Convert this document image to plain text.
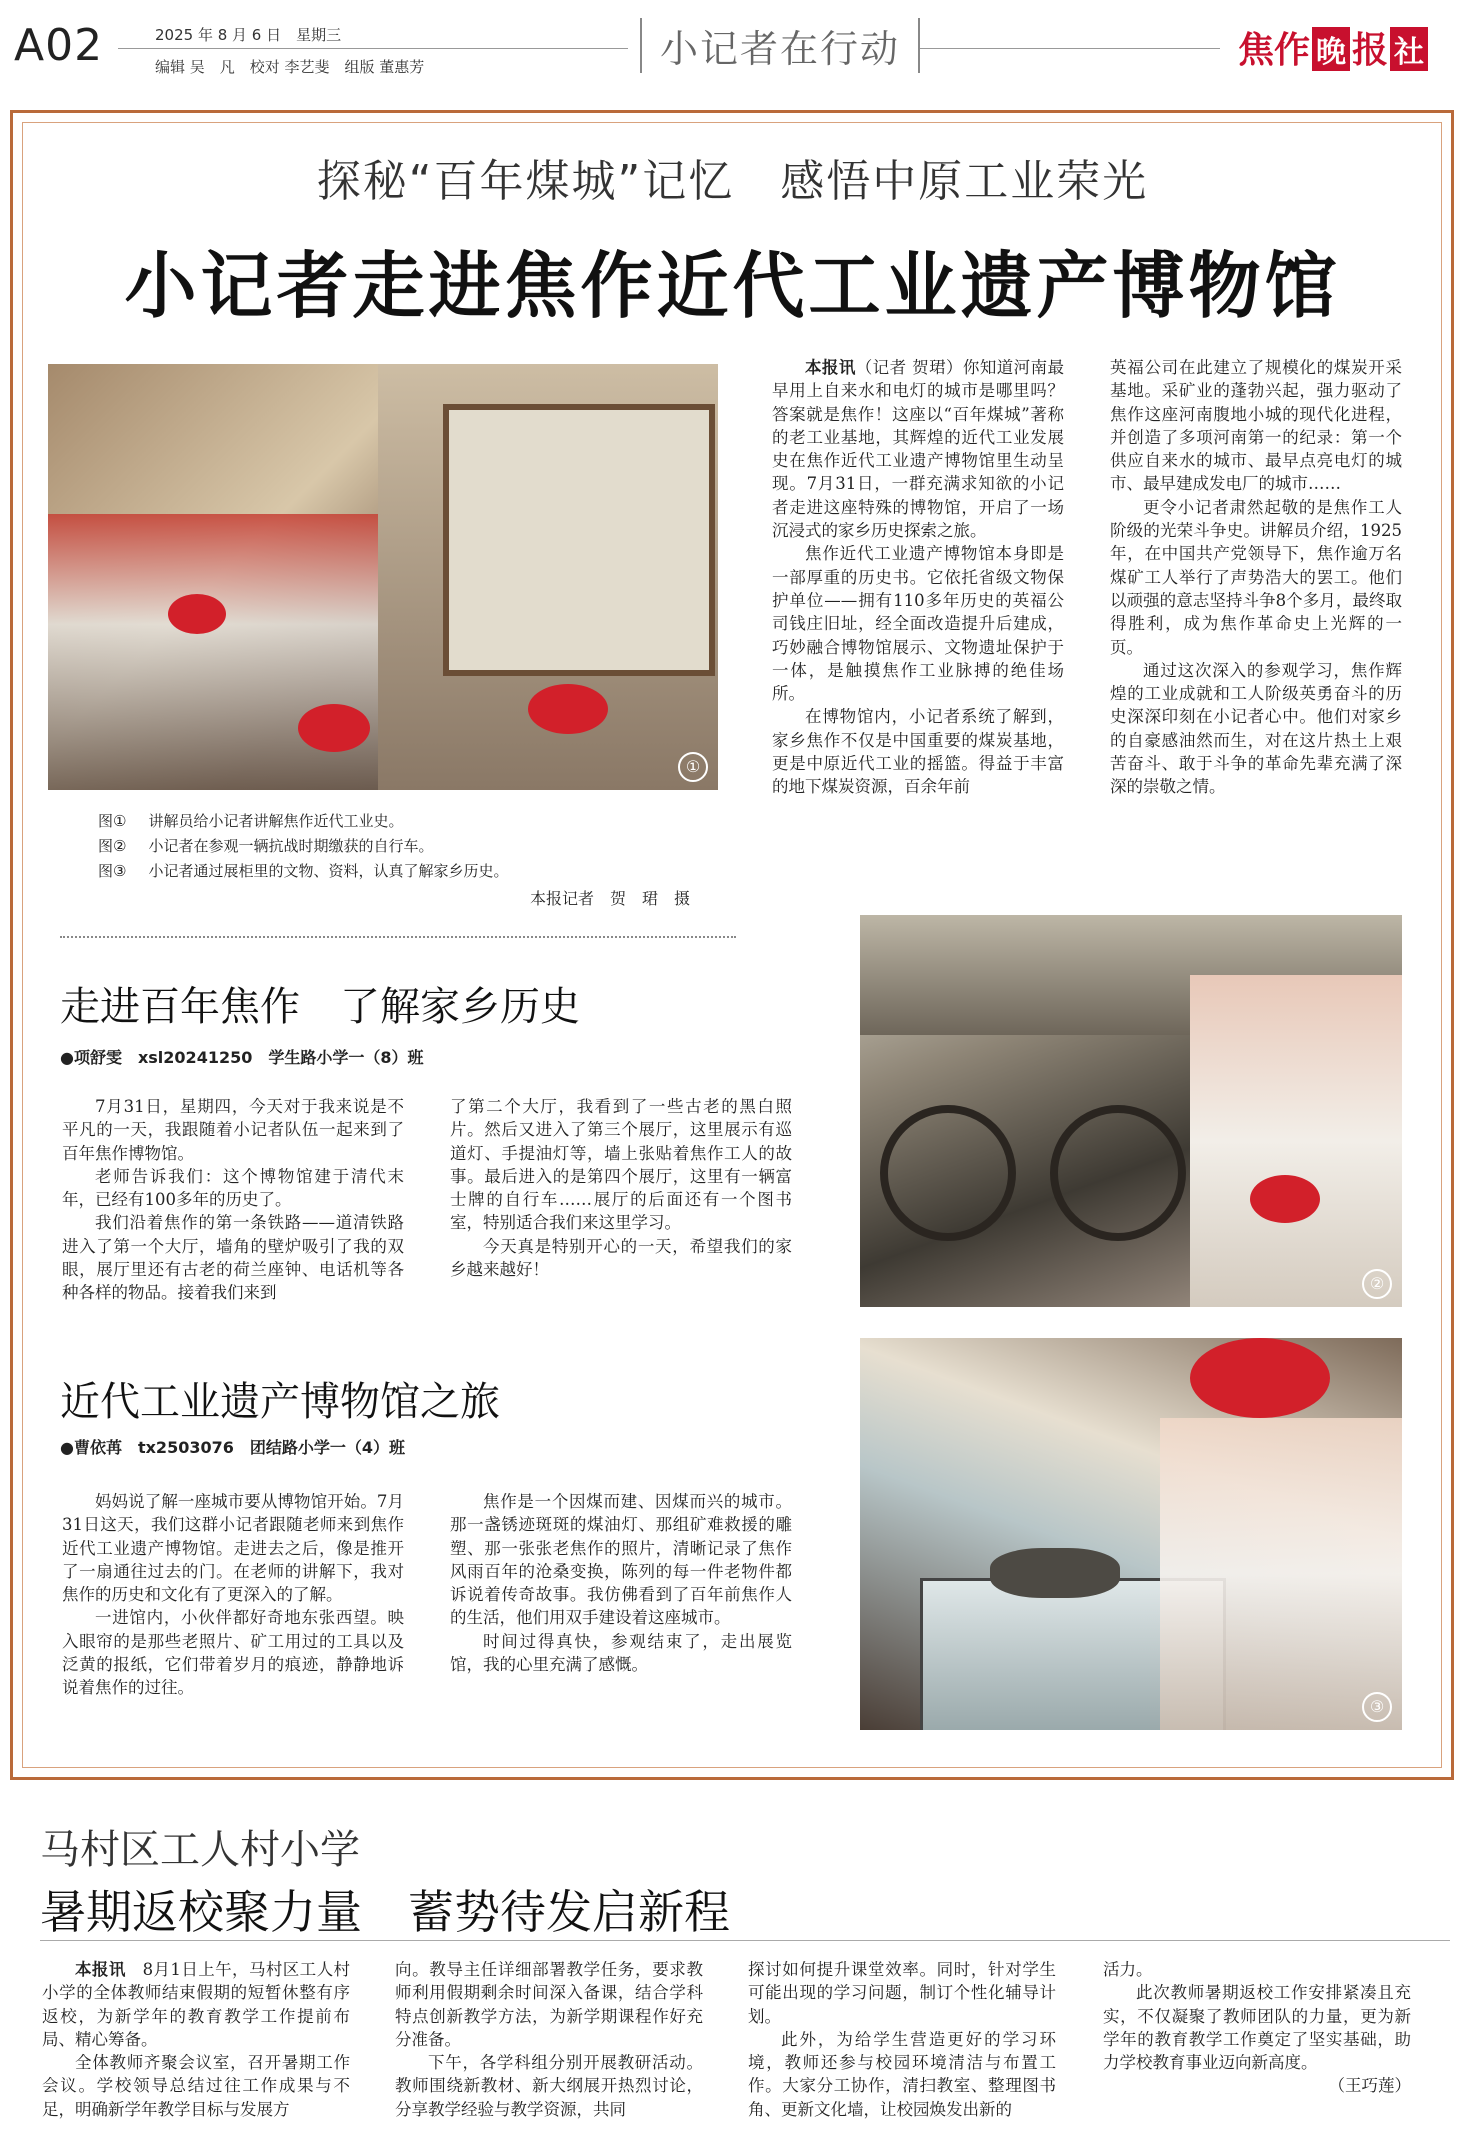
A02	2025 年 8 月 6 日　星期三
编辑 吴　凡　校对 李艺斐　组版 董惠芳	小记者在行动	焦作 晚 报 社
探秘“百年煤城”记忆　感悟中原工业荣光
小记者走进焦作近代工业遗产博物馆
①
图① 讲解员给小记者讲解焦作近代工业史。
图② 小记者在参观一辆抗战时期缴获的自行车。
图③ 小记者通过展柜里的文物、资料，认真了解家乡历史。
本报记者　贺　珺　摄

本报讯（记者 贺珺）你知道河南最早用上自来水和电灯的城市是哪里吗？答案就是焦作！这座以“百年煤城”著称的老工业基地，其辉煌的近代工业发展史在焦作近代工业遗产博物馆里生动呈现。7月31日，一群充满求知欲的小记者走进这座特殊的博物馆，开启了一场沉浸式的家乡历史探索之旅。

焦作近代工业遗产博物馆本身即是一部厚重的历史书。它依托省级文物保护单位——拥有110多年历史的英福公司钱庄旧址，经全面改造提升后建成，巧妙融合博物馆展示、文物遗址保护于一体，是触摸焦作工业脉搏的绝佳场所。

在博物馆内，小记者系统了解到，家乡焦作不仅是中国重要的煤炭基地，更是中原近代工业的摇篮。得益于丰富的地下煤炭资源，百余年前

英福公司在此建立了规模化的煤炭开采基地。采矿业的蓬勃兴起，强力驱动了焦作这座河南腹地小城的现代化进程，并创造了多项河南第一的纪录：第一个供应自来水的城市、最早点亮电灯的城市、最早建成发电厂的城市……

更令小记者肃然起敬的是焦作工人阶级的光荣斗争史。讲解员介绍，1925年，在中国共产党领导下，焦作逾万名煤矿工人举行了声势浩大的罢工。他们以顽强的意志坚持斗争8个多月，最终取得胜利，成为焦作革命史上光辉的一页。

通过这次深入的参观学习，焦作辉煌的工业成就和工人阶级英勇奋斗的历史深深印刻在小记者心中。他们对家乡的自豪感油然而生，对在这片热土上艰苦奋斗、敢于斗争的革命先辈充满了深深的崇敬之情。

走进百年焦作　了解家乡历史
●项舒雯　xsl20241250　学生路小学一（8）班

7月31日，星期四，今天对于我来说是不平凡的一天，我跟随着小记者队伍一起来到了百年焦作博物馆。

老师告诉我们：这个博物馆建于清代末年，已经有100多年的历史了。

我们沿着焦作的第一条铁路——道清铁路进入了第一个大厅，墙角的壁炉吸引了我的双眼，展厅里还有古老的荷兰座钟、电话机等各种各样的物品。接着我们来到

了第二个大厅，我看到了一些古老的黑白照片。然后又进入了第三个展厅，这里展示有巡道灯、手提油灯等，墙上张贴着焦作工人的故事。最后进入的是第四个展厅，这里有一辆富士牌的自行车……展厅的后面还有一个图书室，特别适合我们来这里学习。

今天真是特别开心的一天，希望我们的家乡越来越好！

近代工业遗产博物馆之旅
●曹依苒　tx2503076　团结路小学一（4）班

妈妈说了解一座城市要从博物馆开始。7月31日这天，我们这群小记者跟随老师来到焦作近代工业遗产博物馆。走进去之后，像是推开了一扇通往过去的门。在老师的讲解下，我对焦作的历史和文化有了更深入的了解。

一进馆内，小伙伴都好奇地东张西望。映入眼帘的是那些老照片、矿工用过的工具以及泛黄的报纸，它们带着岁月的痕迹，静静地诉说着焦作的过往。

焦作是一个因煤而建、因煤而兴的城市。那一盏锈迹斑斑的煤油灯、那组矿难救援的雕塑、那一张张老焦作的照片，清晰记录了焦作风雨百年的沧桑变换，陈列的每一件老物件都诉说着传奇故事。我仿佛看到了百年前焦作人的生活，他们用双手建设着这座城市。

时间过得真快，参观结束了，走出展览馆，我的心里充满了感慨。

②
③
马村区工人村小学
暑期返校聚力量　蓄势待发启新程

本报讯　 8月1日上午，马村区工人村小学的全体教师结束假期的短暂休整有序返校，为新学年的教育教学工作提前布局、精心筹备。

全体教师齐聚会议室，召开暑期工作会议。学校领导总结过往工作成果与不足，明确新学年教学目标与发展方

向。教导主任详细部署教学任务，要求教师利用假期剩余时间深入备课，结合学科特点创新教学方法，为新学期课程作好充分准备。

下午，各学科组分别开展教研活动。教师围绕新教材、新大纲展开热烈讨论，分享教学经验与教学资源，共同

探讨如何提升课堂效率。同时，针对学生可能出现的学习问题，制订个性化辅导计划。

此外，为给学生营造更好的学习环境，教师还参与校园环境清洁与布置工作。大家分工协作，清扫教室、整理图书角、更新文化墙，让校园焕发出新的

活力。

此次教师暑期返校工作安排紧凑且充实，不仅凝聚了教师团队的力量，更为新学年的教育教学工作奠定了坚实基础，助力学校教育事业迈向新高度。

（王巧莲）
